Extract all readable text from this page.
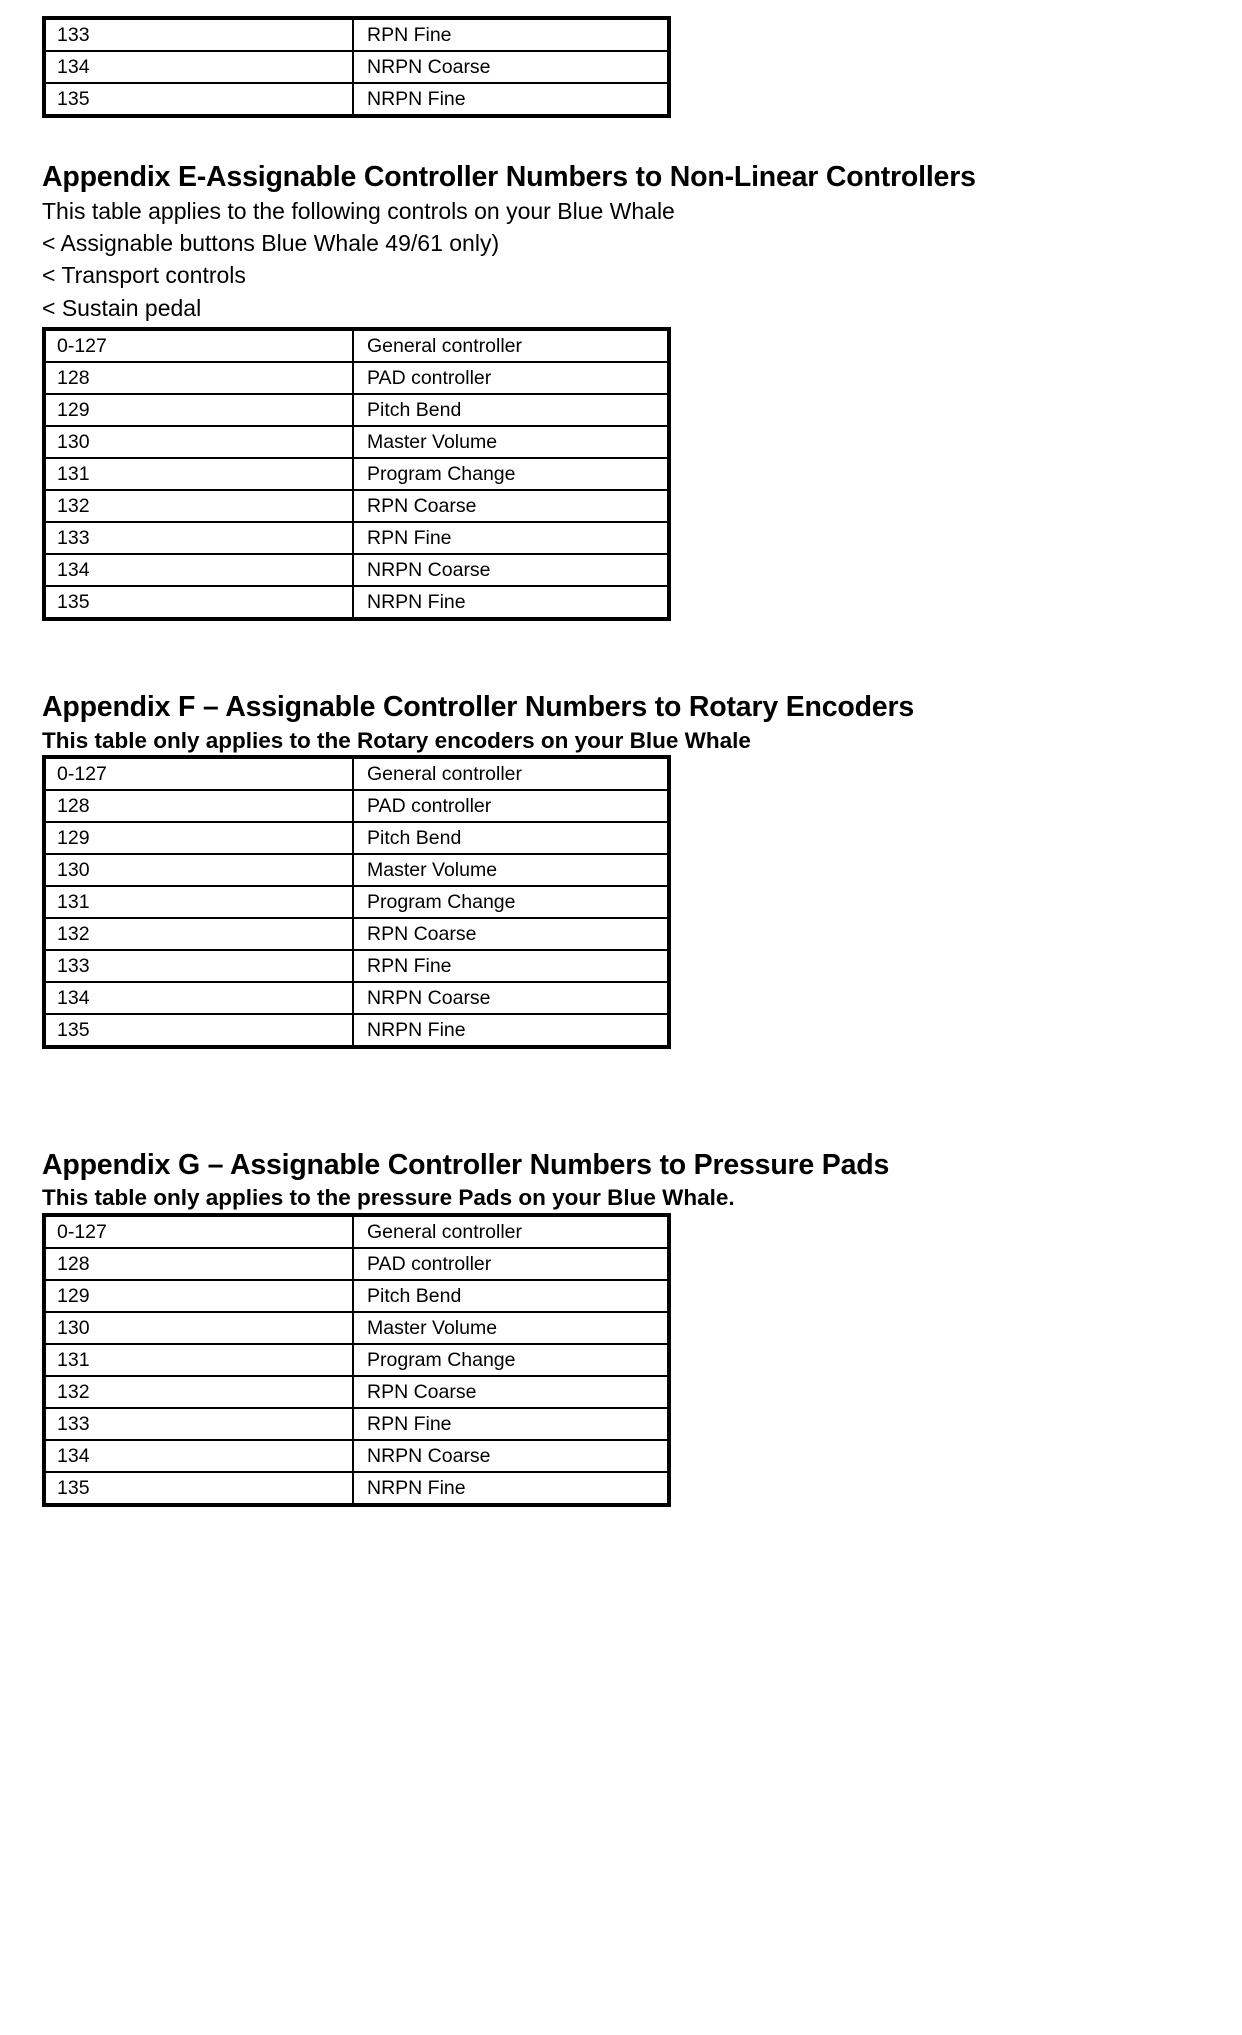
133	RPN Fine
134	NRPN Coarse
135	NRPN Fine
Appendix E-Assignable Controller Numbers to Non-Linear Controllers
This table applies to the following controls on your Blue Whale
< Assignable buttons Blue Whale 49/61 only)
< Transport controls
< Sustain pedal
0-127	General controller
128	PAD controller
129	Pitch Bend
130	Master Volume
131	Program Change
132	RPN Coarse
133	RPN Fine
134	NRPN Coarse
135	NRPN Fine
Appendix F – Assignable Controller Numbers to Rotary Encoders
This table only applies to the Rotary encoders on your Blue Whale
0-127	General controller
128	PAD controller
129	Pitch Bend
130	Master Volume
131	Program Change
132	RPN Coarse
133	RPN Fine
134	NRPN Coarse
135	NRPN Fine
Appendix G – Assignable Controller Numbers to Pressure Pads
This table only applies to the pressure Pads on your Blue Whale.
0-127	General controller
128	PAD controller
129	Pitch Bend
130	Master Volume
131	Program Change
132	RPN Coarse
133	RPN Fine
134	NRPN Coarse
135	NRPN Fine
